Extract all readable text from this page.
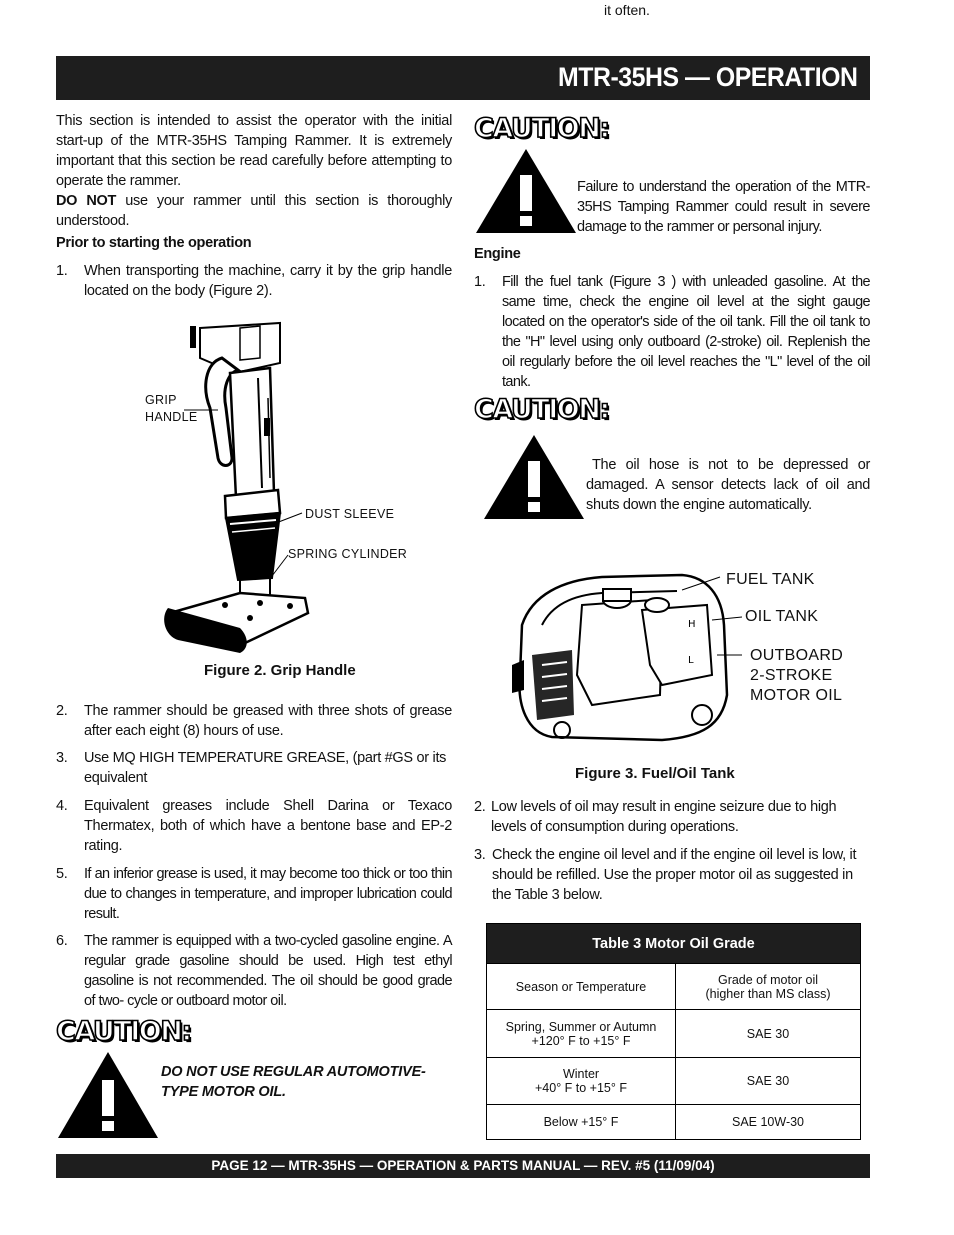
it often.
MTR-35HS — OPERATION
This section is intended to assist the operator with the initial start-up of the MTR-35HS Tamping Rammer. It is extremely important that this section be read carefully before attempting to operate the rammer.
DO NOT use your rammer until this section is thoroughly understood.
Prior to starting the operation
1. When transporting the machine, carry it by the grip handle located on the body (Figure 2).
GRIP
HANDLE
DUST SLEEVE
SPRING CYLINDER
Figure 2. Grip Handle
2. The rammer should be greased with three shots of grease after each eight (8) hours of use.
3. Use MQ HIGH TEMPERATURE GREASE, (part #GS or its equivalent
4. Equivalent greases include Shell Darina or Texaco Thermatex, both of which have a bentone base and EP-2 rating.
5. If an inferior grease is used, it may become too thick or too thin due to changes in temperature, and improper lubrication could result.
6. The rammer is equipped with a two-cycled gasoline engine. A regular grade gasoline should be used. High test ethyl gasoline is not recommended. The oil should be good grade of two- cycle or outboard motor oil.
CAUTION:
DO NOT USE REGULAR AUTOMOTIVE-TYPE MOTOR OIL.
CAUTION:
Failure to understand the operation of the MTR-35HS Tamping Rammer could result in severe damage to the rammer or personal injury.
Engine
1. Fill the fuel tank (Figure 3 ) with unleaded gasoline. At the same time, check the engine oil level at the sight gauge located on the operator's side of the oil tank. Fill the oil tank to the "H" level using only outboard (2-stroke) oil. Replenish the oil regularly before the oil level reaches the "L" level of the oil tank.
CAUTION:
The oil hose is not to be depressed or damaged. A sensor detects lack of oil and shuts down the engine automatically.
H
L
FUEL TANK
OIL TANK
OUTBOARD
2-STROKE
MOTOR OIL
Figure 3. Fuel/Oil Tank
2. Low levels of oil may result in engine seizure due to high levels of consumption during operations.
3. Check the engine oil level and if the engine oil level is low, it should be refilled. Use the proper motor oil as suggested in the Table 3 below.
Table 3 Motor Oil Grade	
Season or Temperature	Grade of motor oil
(higher than MS class)

Spring, Summer or Autumn
+120° F to +15° F	SAE 30

Winter
+40° F to +15° F	SAE 30
Below +15° F	SAE 10W-30
PAGE 12 — MTR-35HS — OPERATION & PARTS MANUAL — REV. #5 (11/09/04)
